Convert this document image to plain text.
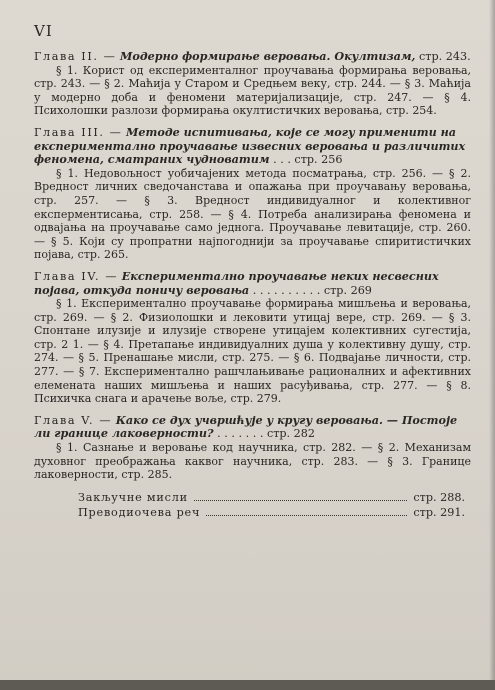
VI

Глава II. — Модерно формирање веровања. Окултизам, стр. 243.

§ 1. Корист од експерименталног проучавања формирања веровања, стр. 243. — § 2. Маћија у Старом и Средњем веку, стр. 244. — § 3. Маћија у модерно доба и феномени материјализације, стр. 247. — § 4. Психолошки разлози формирања окултистичких веровања, стр. 254.

Глава III. — Методе испитивања, које се могу применити на експериментално проучавање извесних веровања и различитих феномена, сматраних чудноватим . . . стр. 256

§ 1. Недовољност уобичајених метода посматрања, стр. 256. — § 2. Вредност личних сведочанстава и опажања при проучавању веровања, стр. 257. — § 3. Вредност индивидуалног и колективног експерментисања, стр. 258. — § 4. Потреба анализирања феномена и одвајања на проучавање само једнога. Проучавање левитације, стр. 260. — § 5. Који су пропратни најпогоднији за проучавање спиритистичких појава, стр. 265.

Глава IV. — Експериментално проучавање неких несвесних појава, откуда поничу веровања . . . . . . . . . . стр. 269

§ 1. Експериментално проучавање формирања мишљења и веровања, стр. 269. — § 2. Физиолошки и лековити утицај вере, стр. 269. — § 3. Спонтане илузије и илузије створене утицајем колективних сугестија, стр. 2 1. — § 4. Претапање индивидуалних душа у колективну душу, стр. 274. — § 5. Пренашање мисли, стр. 275. — § 6. Подвајање личности, стр. 277. — § 7. Експериментално рашчлањивање рационалних и афективних елемената наших мишљења и наших расуђивања, стр. 277. — § 8. Психичка снага и арачење воље, стр. 279.

Глава V. — Како се дух учвршћује у кругу веровања. — Постоје ли границе лаковерности? . . . . . . . стр. 282

§ 1. Сазнање и веровање код научника, стр. 282. — § 2. Механизам духовног преображања каквог научника, стр. 283. — § 3. Границе лаковерности, стр. 285.

Закључне мисли	стр. 288.
Преводиочева реч	стр. 291.
